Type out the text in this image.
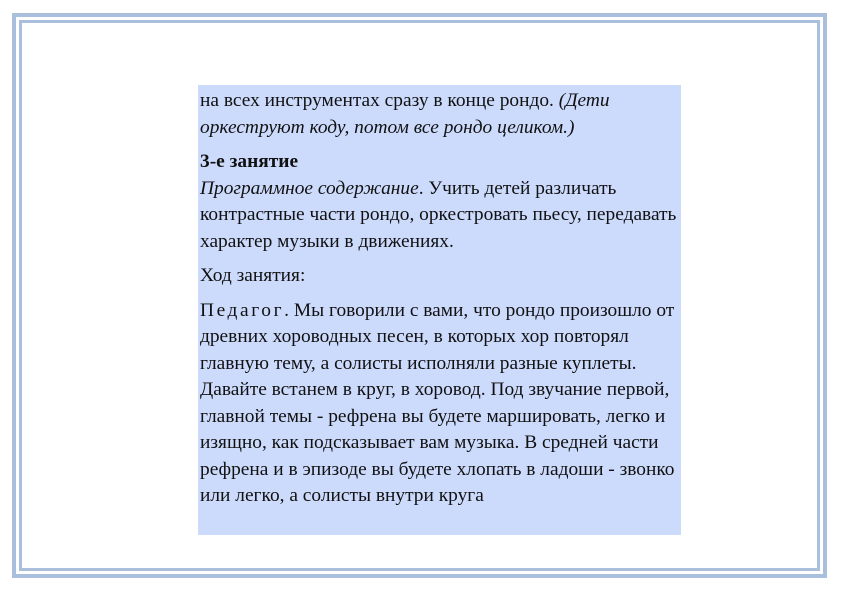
на всех инструментах сразу в конце рондо. (Дети оркеструют коду, потом все рондо целиком.)

3-е занятие

Программное содержание. Учить детей различать контрастные части рондо, оркестровать пьесу, передавать характер музыки в движениях.

Ход занятия:

Педагог. Мы говорили с вами, что рондо произошло от древних хороводных песен, в которых хор повторял главную тему, а солисты исполняли разные куплеты. Давайте встанем в круг, в хоровод. Под звучание первой, главной темы - рефрена вы будете маршировать, легко и изящно, как подсказывает вам музыка. В средней части рефрена и в эпизоде вы будете хлопать в ладоши - звонко или легко, а солисты внутри круга
